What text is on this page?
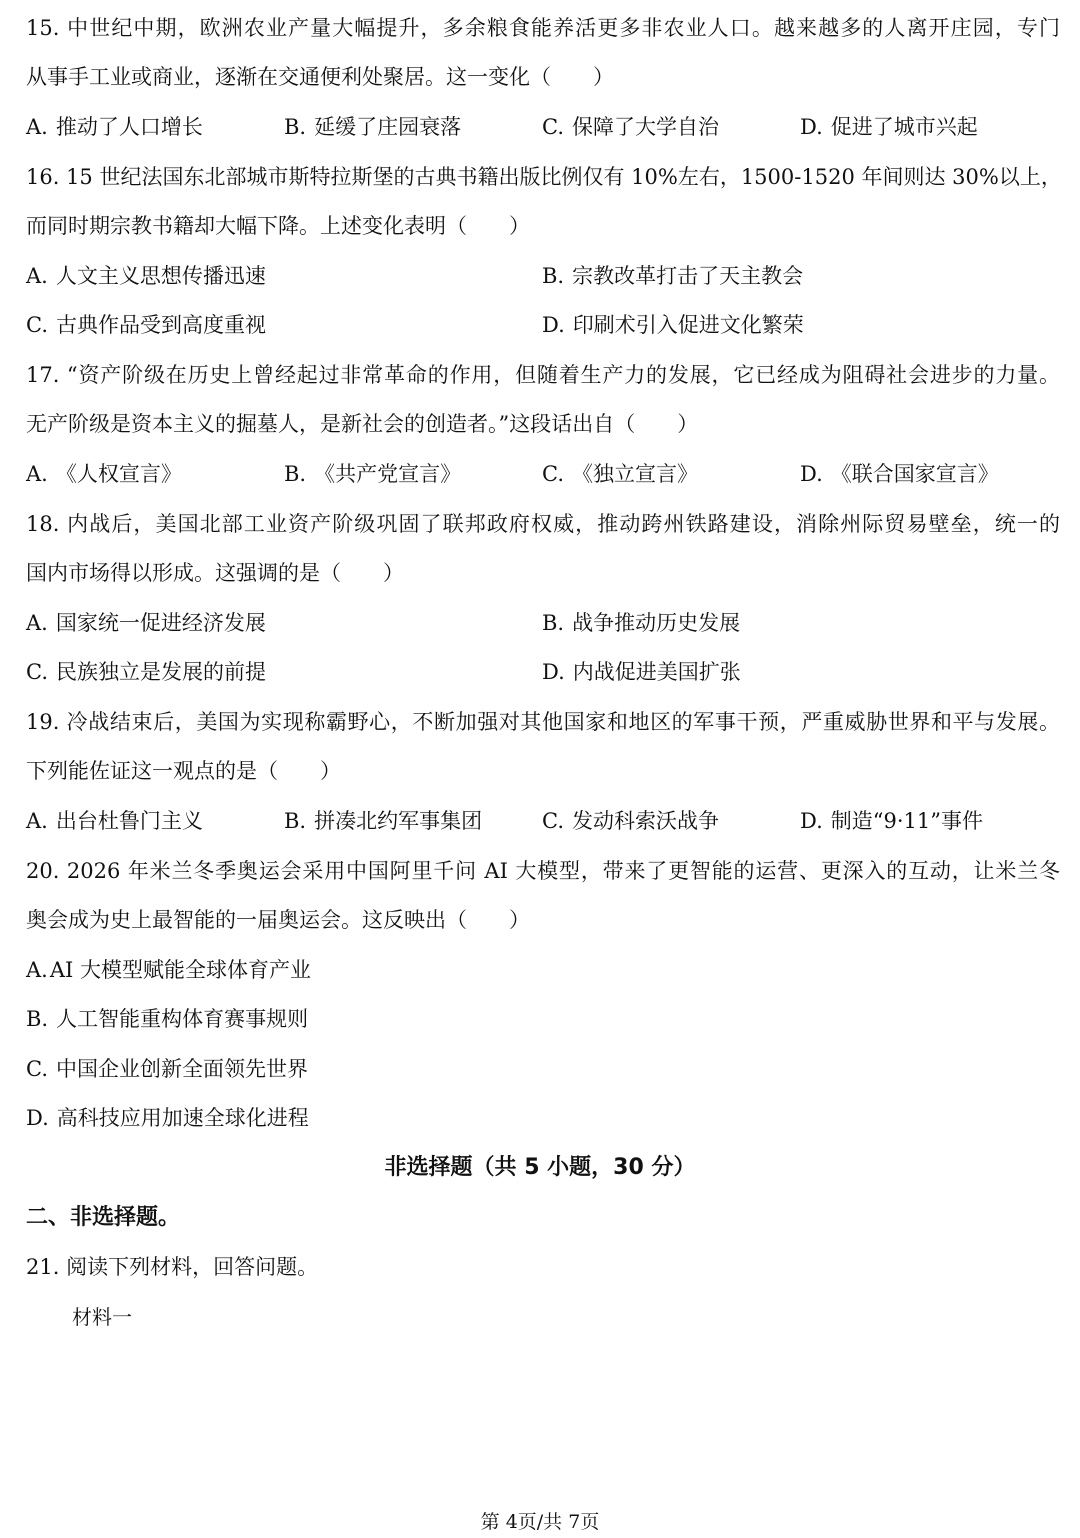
15. 中世纪中期，欧洲农业产量大幅提升，多余粮食能养活更多非农业人口。越来越多的人离开庄园，专门
从事手工业或商业，逐渐在交通便利处聚居。这一变化（　　）
A. 推动了人口增长	B. 延缓了庄园衰落	C. 保障了大学自治	D. 促进了城市兴起
16. 15 世纪法国东北部城市斯特拉斯堡的古典书籍出版比例仅有 10%左右，1500-1520 年间则达 30%以上，
而同时期宗教书籍却大幅下降。上述变化表明（　　）
A. 人文主义思想传播迅速	B. 宗教改革打击了天主教会
C. 古典作品受到高度重视	D. 印刷术引入促进文化繁荣
17. “资产阶级在历史上曾经起过非常革命的作用，但随着生产力的发展，它已经成为阻碍社会进步的力量。
无产阶级是资本主义的掘墓人，是新社会的创造者。”这段话出自（　　）
A. 《人权宣言》	B. 《共产党宣言》	C. 《独立宣言》	D. 《联合国家宣言》
18. 内战后，美国北部工业资产阶级巩固了联邦政府权威，推动跨州铁路建设，消除州际贸易壁垒，统一的
国内市场得以形成。这强调的是（　　）
A. 国家统一促进经济发展	B. 战争推动历史发展
C. 民族独立是发展的前提	D. 内战促进美国扩张
19. 冷战结束后，美国为实现称霸野心，不断加强对其他国家和地区的军事干预，严重威胁世界和平与发展。
下列能佐证这一观点的是（　　）
A. 出台杜鲁门主义	B. 拼凑北约军事集团	C. 发动科索沃战争	D. 制造“9·11”事件
20. 2026 年米兰冬季奥运会采用中国阿里千问 AI 大模型，带来了更智能的运营、更深入的互动，让米兰冬
奥会成为史上最智能的一届奥运会。这反映出（　　）
A.AI 大模型赋能全球体育产业
B. 人工智能重构体育赛事规则
C. 中国企业创新全面领先世界
D. 高科技应用加速全球化进程
非选择题（共 5 小题，30 分）
二、非选择题。
21. 阅读下列材料，回答问题。
材料一
第 4页/共 7页
